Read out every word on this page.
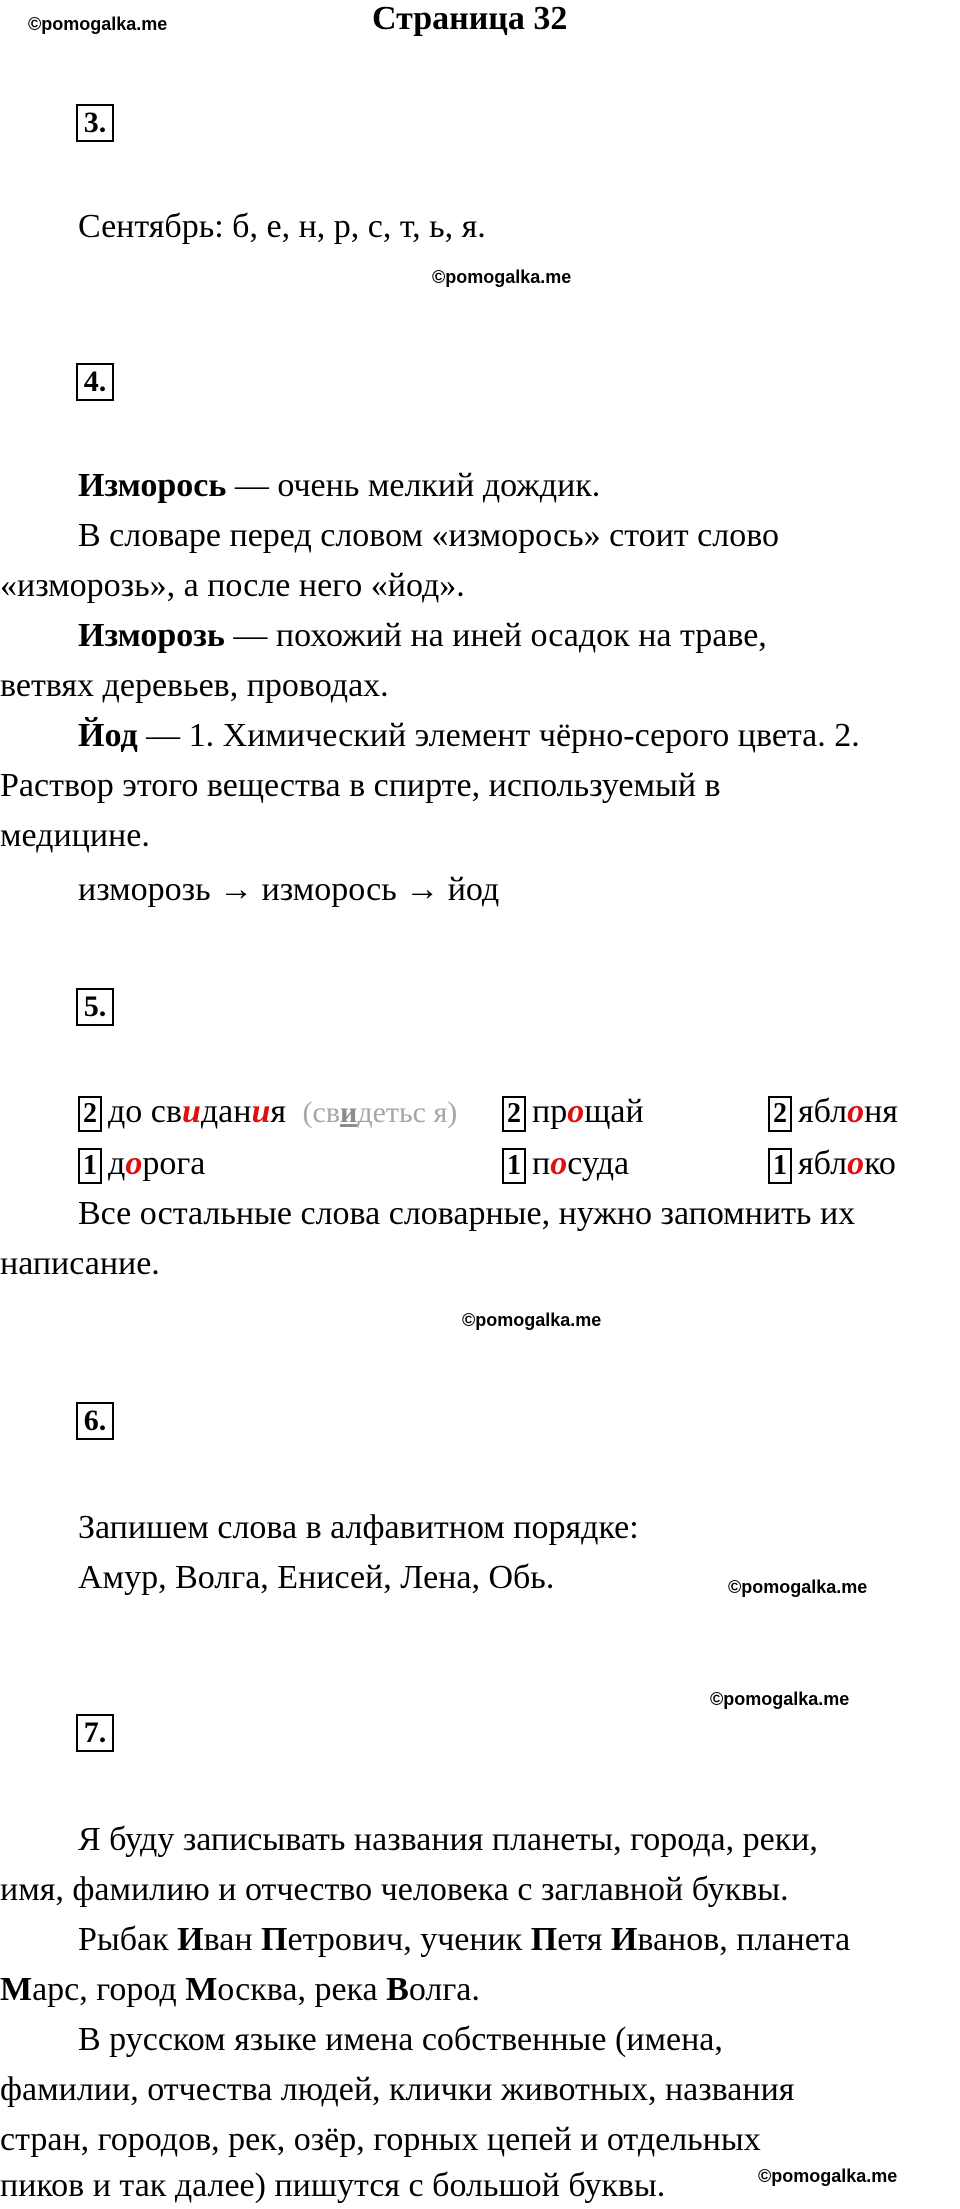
©pomogalka.me	Страница 32
3.
Сентябрь: б, е, н, р, с, т, ь, я.
©pomogalka.me
4.
Изморось — очень мелкий дождик.
В словаре перед словом «изморось» стоит слово
«изморозь», а после него «йод».
Изморозь — похожий на иней осадок на траве,
ветвях деревьев, проводах.
Йод — 1. Химический элемент чёрно-серого цвета. 2.
Раствор этого вещества в спирте, используемый в
медицине.
изморозь → изморось → йод
5.
2 до свидания (свидетьс я) 2 прощай	2 яблоня
1 дорога	1 посуда	1 яблоко
Все остальные слова словарные, нужно запомнить их
написание.
©pomogalka.me
6.
Запишем слова в алфавитном порядке:
Амур, Волга, Енисей, Лена, Обь.	©pomogalka.me
©pomogalka.me
7.
Я буду записывать названия планеты, города, реки,
имя, фамилию и отчество человека с заглавной буквы.
Рыбак Иван Петрович, ученик Петя Иванов, планета
Марс, город Москва, река Волга.
В русском языке имена собственные (имена,
фамилии, отчества людей, клички животных, названия
стран, городов, рек, озёр, горных цепей и отдельных
пиков и так далее) пишутся с большой буквы.	©pomogalka.me
